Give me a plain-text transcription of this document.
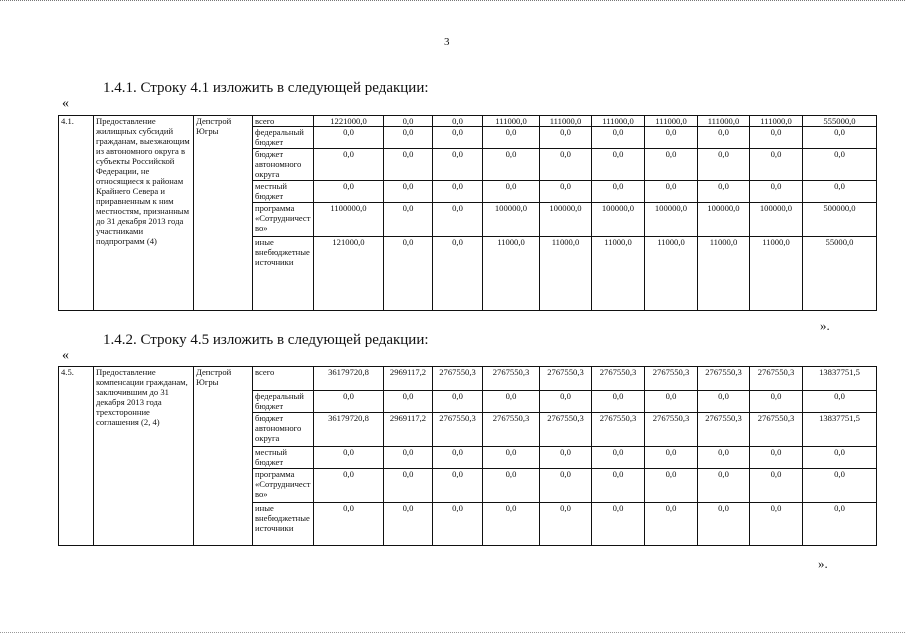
3
1.4.1. Строку 4.1 изложить в следующей редакции:
«
4.1.	Предоставление жилищных субсидий гражданам, выезжающим из автономного округа в субъекты Российской Федерации, не относящиеся к районам Крайнего Севера и приравненным к ним местностям, признанным до 31 декабря 2013 года участниками подпрограмм (4)	Депстрой Югры	всего	1221000,0	0,0	0,0	111000,0	111000,0	111000,0	111000,0	111000,0	111000,0	555000,0
			федеральный бюджет	0,0	0,0	0,0	0,0	0,0	0,0	0,0	0,0	0,0	0,0
			бюджет автономного округа	0,0	0,0	0,0	0,0	0,0	0,0	0,0	0,0	0,0	0,0
			местный бюджет	0,0	0,0	0,0	0,0	0,0	0,0	0,0	0,0	0,0	0,0
			программа «Сотрудничество»	1100000,0	0,0	0,0	100000,0	100000,0	100000,0	100000,0	100000,0	100000,0	500000,0
			иные внебюджетные источники	121000,0	0,0	0,0	11000,0	11000,0	11000,0	11000,0	11000,0	11000,0	55000,0
».
1.4.2. Строку 4.5 изложить в следующей редакции:
«
4.5.	Предоставление компенсации гражданам, заключившим до 31 декабря 2013 года трехсторонние соглашения (2, 4)	Депстрой Югры	всего	36179720,8	2969117,2	2767550,3	2767550,3	2767550,3	2767550,3	2767550,3	2767550,3	2767550,3	13837751,5
			федеральный бюджет	0,0	0,0	0,0	0,0	0,0	0,0	0,0	0,0	0,0	0,0
			бюджет автономного округа	36179720,8	2969117,2	2767550,3	2767550,3	2767550,3	2767550,3	2767550,3	2767550,3	2767550,3	13837751,5
			местный бюджет	0,0	0,0	0,0	0,0	0,0	0,0	0,0	0,0	0,0	0,0
			программа «Сотрудничество»	0,0	0,0	0,0	0,0	0,0	0,0	0,0	0,0	0,0	0,0
			иные внебюджетные источники	0,0	0,0	0,0	0,0	0,0	0,0	0,0	0,0	0,0	0,0
».
